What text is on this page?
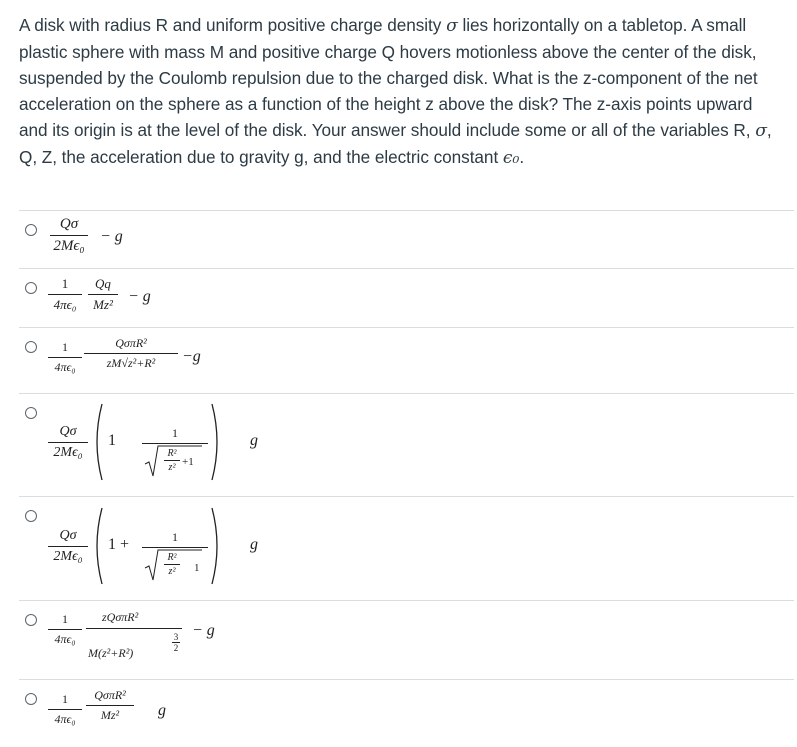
A disk with radius R and uniform positive charge density σ lies horizontally on a tabletop. A small plastic sphere with mass M and positive charge Q hovers motionless above the center of the disk, suspended by the Coulomb repulsion due to the charged disk. What is the z-component of the net acceleration on the sphere as a function of the height z above the disk? The z-axis points upward and its origin is at the level of the disk. Your answer should include some or all of the variables R, σ, Q, Z, the acceleration due to gravity g, and the electric constant ϵ₀.
Qσ
2Mϵ₀
− g
1
4πϵ₀
Qq
Mz² − g
1
4πϵ₀
QσπR²
zM√z²+R²	−g
Qσ
2Mϵ₀
1	1
R²
z² +1
g
Qσ
2Mϵ₀
1 +	1
R²
z²	1
g
1
4πϵ₀
zQσπR²
M(z²+R²)
3
2
− g
1
4πϵ₀
QσπR²
Mz²	g
